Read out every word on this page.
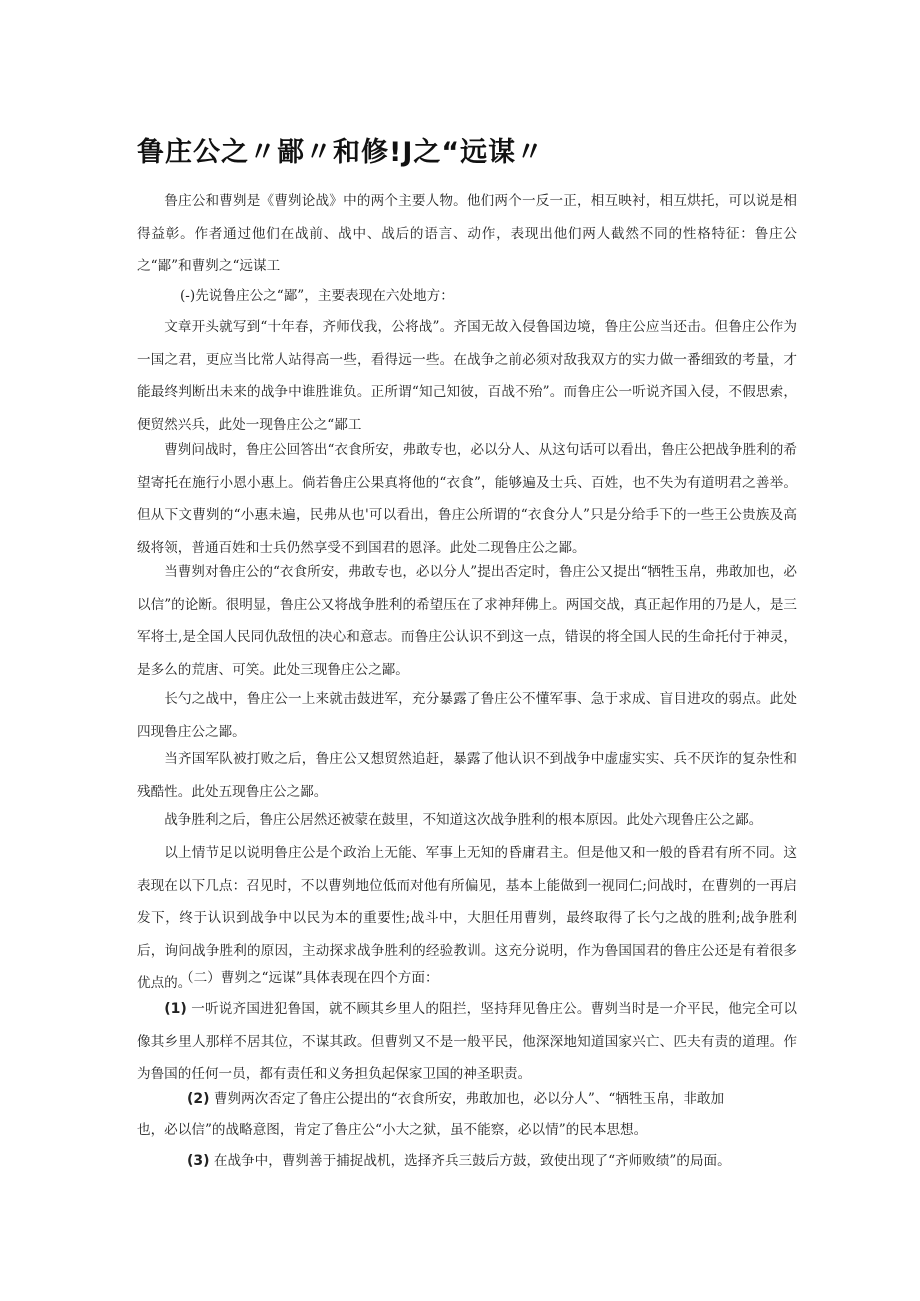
鲁庄公之〃鄙〃和修!J之“远谋〃

鲁庄公和曹刿是《曹刿论战》中的两个主要人物。他们两个一反一正，相互映衬，相互烘托，可以说是相得益彰。作者通过他们在战前、战中、战后的语言、动作，表现出他们两人截然不同的性格特征：鲁庄公之“鄙”和曹刿之“远谋工

(-)先说鲁庄公之“鄙”，主要表现在六处地方：

文章开头就写到“十年春，齐师伐我，公将战”。齐国无故入侵鲁国边境，鲁庄公应当还击。但鲁庄公作为一国之君，更应当比常人站得高一些，看得远一些。在战争之前必须对敌我双方的实力做一番细致的考量，才能最终判断出未来的战争中谁胜谁负。正所谓“知己知彼，百战不殆”。而鲁庄公一听说齐国入侵，不假思索，便贸然兴兵，此处一现鲁庄公之“鄙工

曹刿问战时，鲁庄公回答出“衣食所安，弗敢专也，必以分人、从这句话可以看出，鲁庄公把战争胜利的希望寄托在施行小恩小惠上。倘若鲁庄公果真将他的“衣食”，能够遍及士兵、百姓，也不失为有道明君之善举。但从下文曹刿的“小惠未遍，民弗从也'可以看出，鲁庄公所谓的“衣食分人”只是分给手下的一些王公贵族及高级将领，普通百姓和士兵仍然享受不到国君的恩泽。此处二现鲁庄公之鄙。

当曹刿对鲁庄公的“衣食所安，弗敢专也，必以分人”提出否定时，鲁庄公又提出“牺牲玉帛，弗敢加也，必以信”的论断。很明显，鲁庄公又将战争胜利的希望压在了求神拜佛上。两国交战，真正起作用的乃是人，是三军将士,是全国人民同仇敌忸的决心和意志。而鲁庄公认识不到这一点，错误的将全国人民的生命托付于神灵，是多么的荒唐、可笑。此处三现鲁庄公之鄙。

长勺之战中，鲁庄公一上来就击鼓进军，充分暴露了鲁庄公不懂军事、急于求成、盲目进攻的弱点。此处四现鲁庄公之鄙。

当齐国军队被打败之后，鲁庄公又想贸然追赶，暴露了他认识不到战争中虚虚实实、兵不厌诈的复杂性和残酷性。此处五现鲁庄公之鄙。

战争胜利之后，鲁庄公居然还被蒙在鼓里，不知道这次战争胜利的根本原因。此处六现鲁庄公之鄙。

以上情节足以说明鲁庄公是个政治上无能、军事上无知的昏庸君主。但是他又和一般的昏君有所不同。这表现在以下几点：召见时，不以曹刿地位低而对他有所偏见，基本上能做到一视同仁;问战时，在曹刿的一再启发下，终于认识到战争中以民为本的重要性;战斗中，大胆任用曹刿，最终取得了长勺之战的胜利;战争胜利后，询问战争胜利的原因，主动探求战争胜利的经验教训。这充分说明，作为鲁国国君的鲁庄公还是有着很多优点的。

（二）曹刿之“远谋”具体表现在四个方面：

(1) 一听说齐国进犯鲁国，就不顾其乡里人的阻拦，坚持拜见鲁庄公。曹刿当时是一介平民，他完全可以像其乡里人那样不居其位，不谋其政。但曹刿又不是一般平民，他深深地知道国家兴亡、匹夫有责的道理。作为鲁国的任何一员，都有责任和义务担负起保家卫国的神圣职责。

(2) 曹刿两次否定了鲁庄公提出的“衣食所安，弗敢加也，必以分人”、“牺牲玉帛，非敢加

也，必以信”的战略意图，肯定了鲁庄公“小大之狱，虽不能察，必以情”的民本思想。

(3) 在战争中，曹刿善于捕捉战机，选择齐兵三鼓后方鼓，致使出现了“齐师败绩”的局面。
